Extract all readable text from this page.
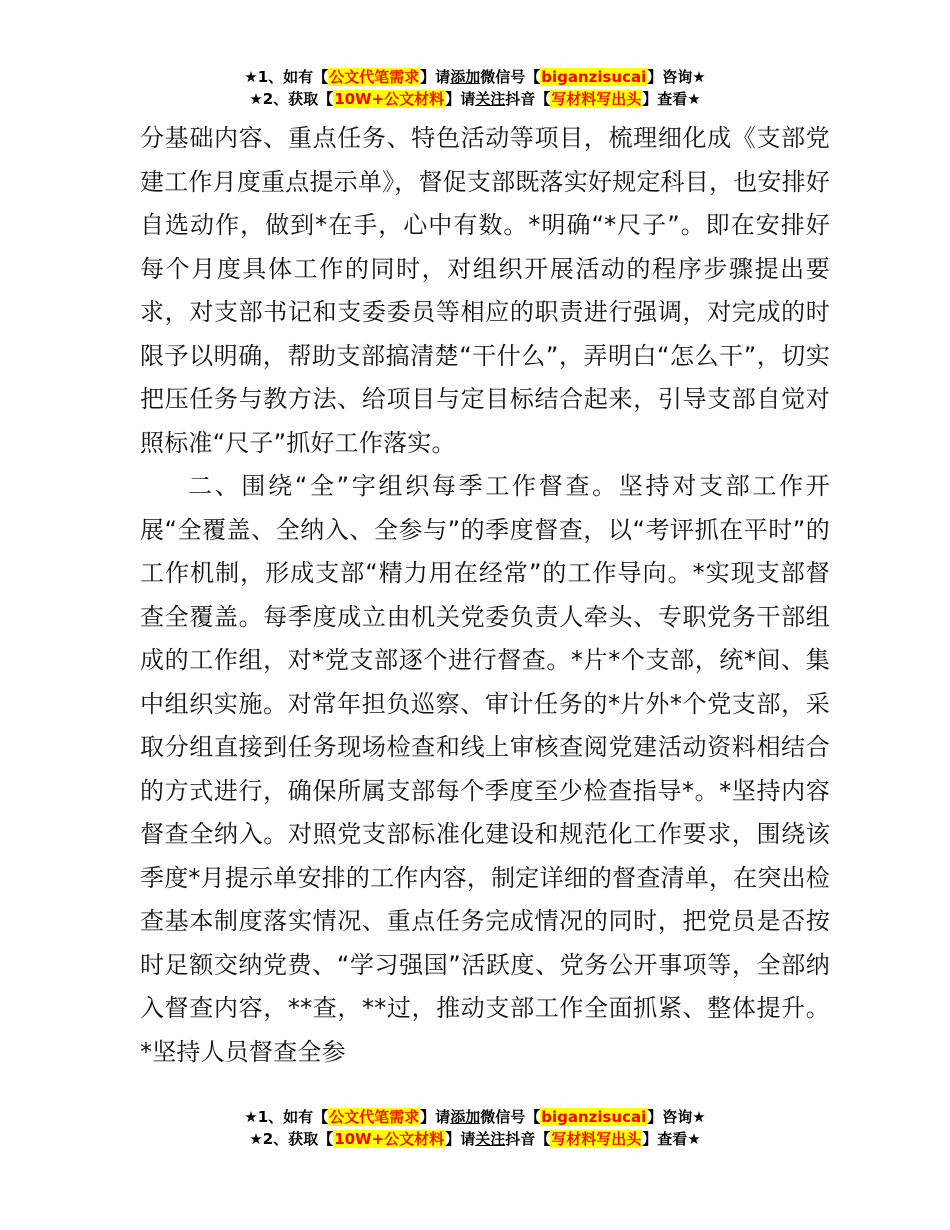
★1、如有【公文代笔需求】请添加微信号【biganzisucai】咨询★
★2、获取【10W+公文材料】请关注抖音【写材料写出头】查看★

分基础内容、重点任务、特色活动等项目，梳理细化成《支部党建工作月度重点提示单》，督促支部既落实好规定科目，也安排好自选动作，做到*在手，心中有数。*明确“*尺子”。即在安排好每个月度具体工作的同时，对组织开展活动的程序步骤提出要求，对支部书记和支委委员等相应的职责进行强调，对完成的时限予以明确，帮助支部搞清楚“干什么”，弄明白“怎么干”，切实把压任务与教方法、给项目与定目标结合起来，引导支部自觉对照标准“尺子”抓好工作落实。

二、围绕“全”字组织每季工作督查。坚持对支部工作开展“全覆盖、全纳入、全参与”的季度督查，以“考评抓在平时”的工作机制，形成支部“精力用在经常”的工作导向。*实现支部督查全覆盖。每季度成立由机关党委负责人牵头、专职党务干部组成的工作组，对*党支部逐个进行督查。*片*个支部，统*间、集中组织实施。对常年担负巡察、审计任务的*片外*个党支部，采取分组直接到任务现场检查和线上审核查阅党建活动资料相结合的方式进行，确保所属支部每个季度至少检查指导*。*坚持内容督查全纳入。对照党支部标准化建设和规范化工作要求，围绕该季度*月提示单安排的工作内容，制定详细的督查清单，在突出检查基本制度落实情况、重点任务完成情况的同时，把党员是否按时足额交纳党费、“学习强国”活跃度、党务公开事项等，全部纳入督查内容，**查，**过，推动支部工作全面抓紧、整体提升。*坚持人员督查全参

★1、如有【公文代笔需求】请添加微信号【biganzisucai】咨询★
★2、获取【10W+公文材料】请关注抖音【写材料写出头】查看★
